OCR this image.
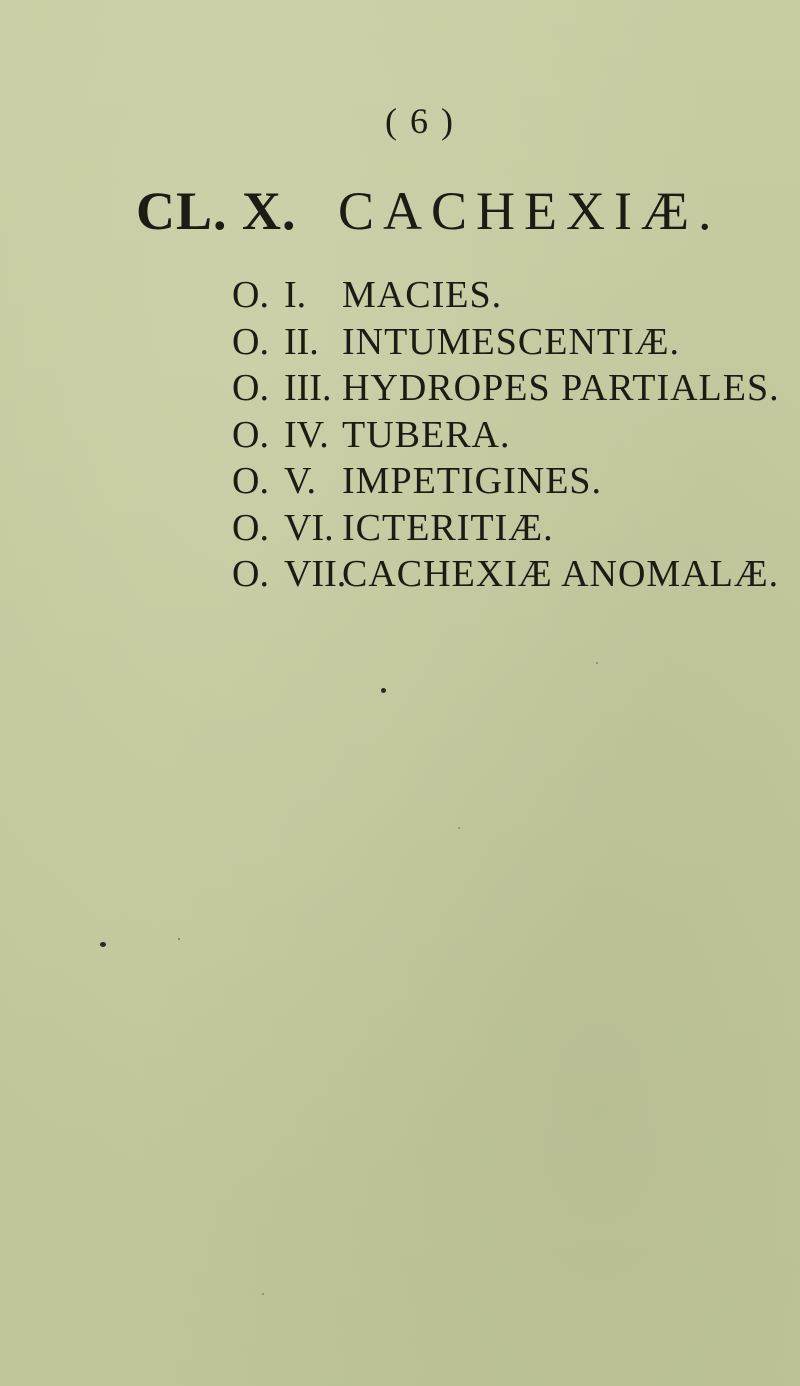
( 6 )
CL. X. CACHEXIÆ.
O. I. MACIES.
O. II. INTUMESCENTIÆ.
O. III. HYDROPES PARTIALES.
O. IV. TUBERA.
O. V. IMPETIGINES.
O. VI. ICTERITIÆ.
O. VII.CACHEXIÆ ANOMALÆ.
